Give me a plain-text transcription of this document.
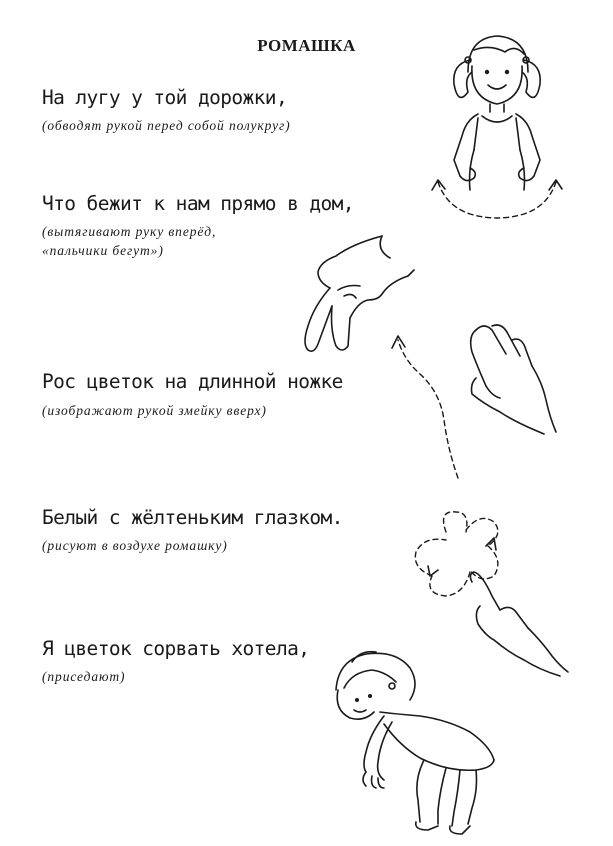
РОМАШКА
На лугу у той дорожки,
(обводят рукой перед собой полукруг)
Что бежит к нам прямо в дом,
(вытягивают руку вперёд,
«пальчики бегут»)
Рос цветок на длинной ножке
(изображают рукой змейку вверх)
Белый с жёлтеньким глазком.
(рисуют в воздухе ромашку)
Я цветок сорвать хотела,
(приседают)
